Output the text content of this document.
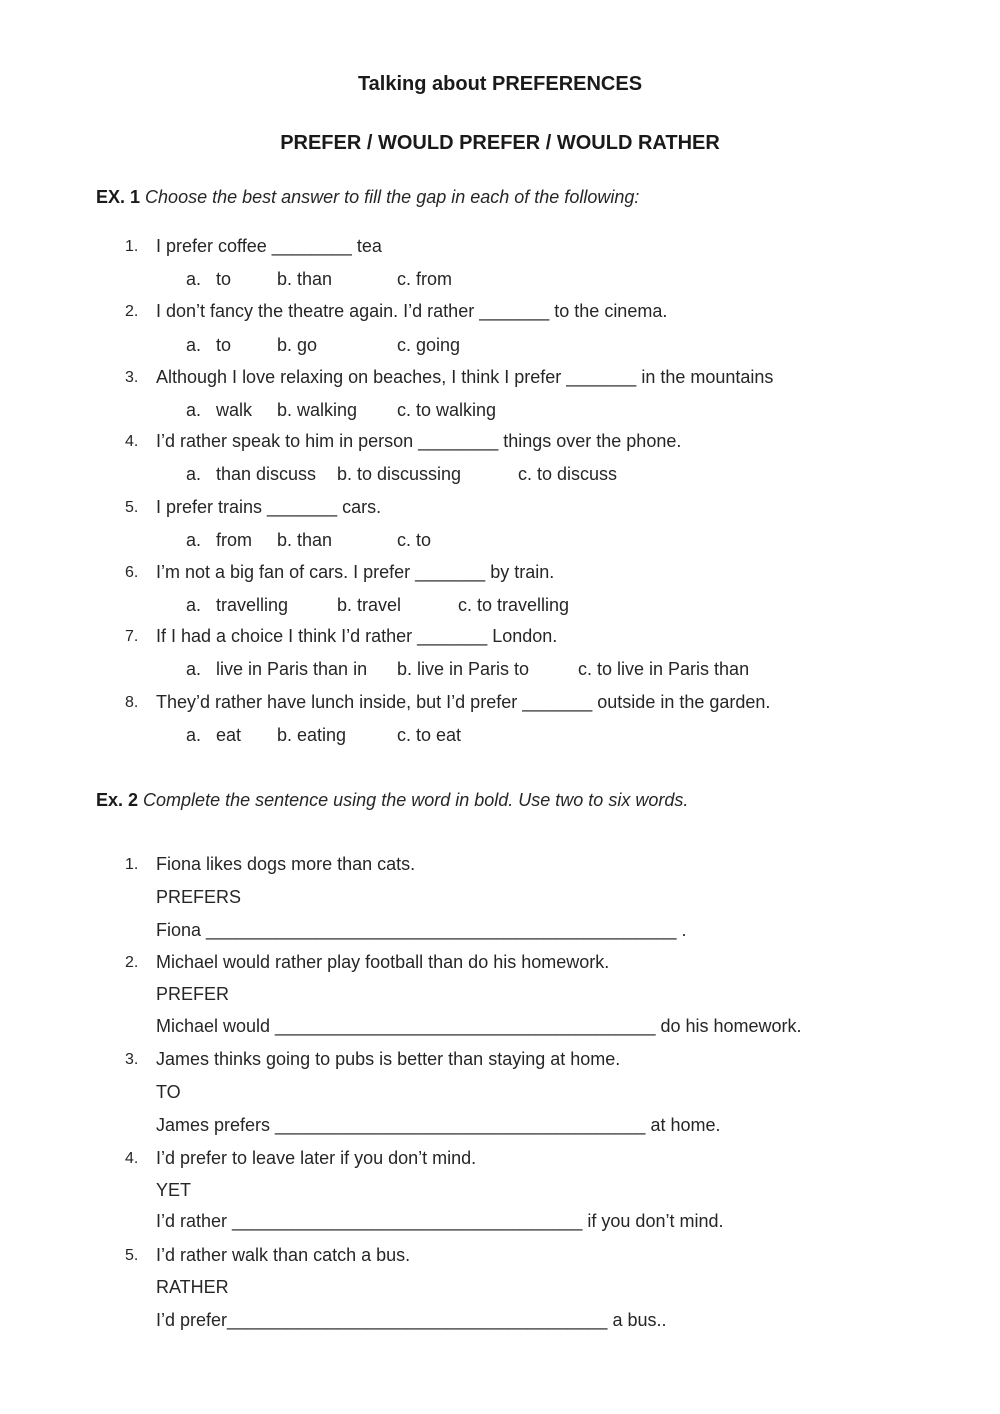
Talking about PREFERENCES
PREFER / WOULD PREFER / WOULD RATHER
EX. 1 Choose the best answer to fill the gap in each of the following:
1. I prefer coffee ________ tea
a. to	b. than	c. from
2. I don’t fancy the theatre again. I’d rather _______ to the cinema.
a. to	b. go	c. going
3. Although I love relaxing on beaches, I think I prefer _______ in the mountains
a. walk b. walking c. to walking
4. I’d rather speak to him in person ________ things over the phone.
a. than discuss b. to discussing	c. to discuss
5. I prefer trains _______ cars.
a. from b. than	c. to
6. I’m not a big fan of cars. I prefer _______ by train.
a. travelling	b. travel	c. to travelling
7. If I had a choice I think I’d rather _______ London.
a. live in Paris than in b. live in Paris to	c. to live in Paris than
8. They’d rather have lunch inside, but I’d prefer _______ outside in the garden.
a. eat b. eating	c. to eat
Ex. 2 Complete the sentence using the word in bold. Use two to six words.
1. Fiona likes dogs more than cats.
PREFERS
Fiona _______________________________________________ .
2. Michael would rather play football than do his homework.
PREFER
Michael would ______________________________________ do his homework.
3. James thinks going to pubs is better than staying at home.
TO
James prefers _____________________________________ at home.
4. I’d prefer to leave later if you don’t mind.
YET
I’d rather ___________________________________ if you don’t mind.
5. I’d rather walk than catch a bus.
RATHER
I’d prefer______________________________________ a bus..
